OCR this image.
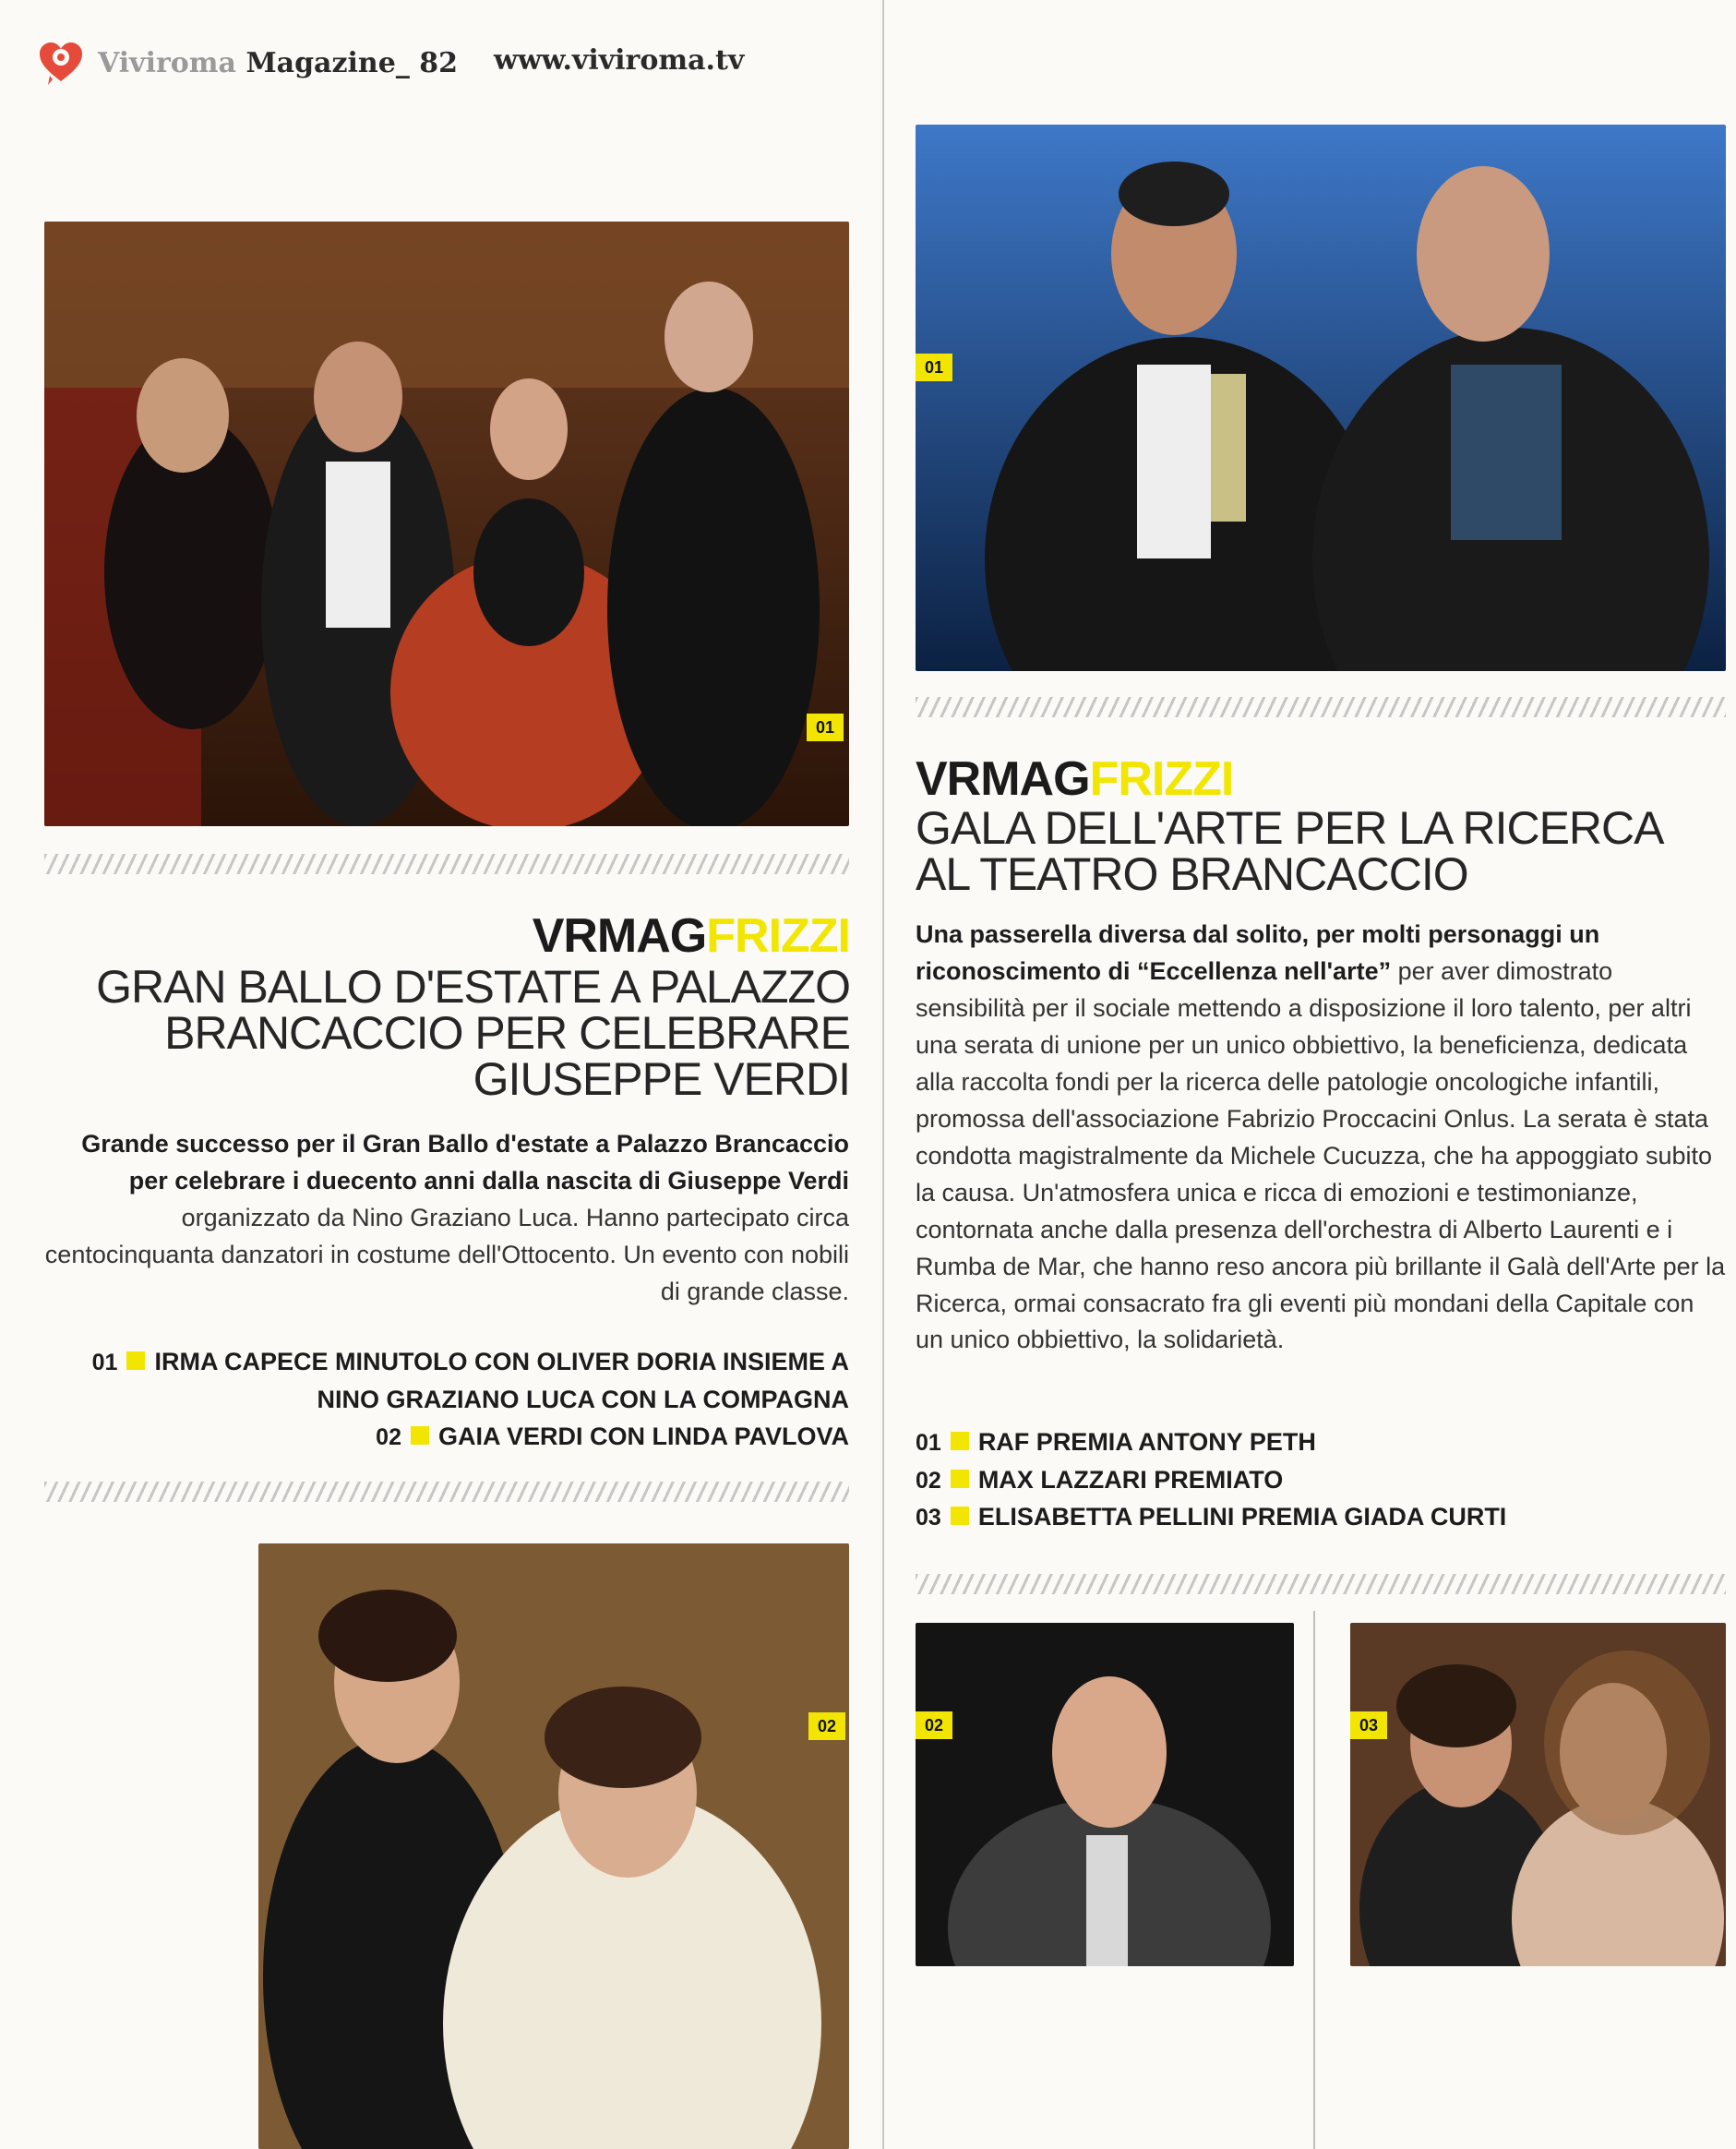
Viviroma Magazine_ 82 www.viviroma.tv
01
VRMAGFRIZZI
GRAN BALLO D'ESTATE A PALAZZO
BRANCACCIO PER CELEBRARE
GIUSEPPE VERDI
Grande successo per il Gran Ballo d'estate a Palazzo Brancaccio per celebrare i duecento anni dalla nascita di Giuseppe Verdi organizzato da Nino Graziano Luca. Hanno partecipato circa centocinquanta danzatori in costume dell'Ottocento. Un evento con nobili di grande classe.
01 IRMA CAPECE MINUTOLO CON OLIVER DORIA INSIEME A
NINO GRAZIANO LUCA CON LA COMPAGNA
02 GAIA VERDI CON LINDA PAVLOVA
02
01
VRMAGFRIZZI
GALA DELL'ARTE PER LA RICERCA
AL TEATRO BRANCACCIO
Una passerella diversa dal solito, per molti personaggi un riconoscimento di “Eccellenza nell'arte” per aver dimostrato sensibilità per il sociale mettendo a disposizione il loro talento, per altri una serata di unione per un unico obbiettivo, la beneficienza, dedicata alla raccolta fondi per la ricerca delle patologie oncologiche infantili, promossa dell'associazione Fabrizio Proccacini Onlus. La serata è stata condotta magistralmente da Michele Cucuzza, che ha appoggiato subito la causa. Un'atmosfera unica e ricca di emozioni e testimonianze, contornata anche dalla presenza dell'orchestra di Alberto Laurenti e i Rumba de Mar, che hanno reso ancora più brillante il Galà dell'Arte per la Ricerca, ormai consacrato fra gli eventi più mondani della Capitale con un unico obbiettivo, la solidarietà.
01 RAF PREMIA ANTONY PETH
02 MAX LAZZARI PREMIATO
03 ELISABETTA PELLINI PREMIA GIADA CURTI
02	03
